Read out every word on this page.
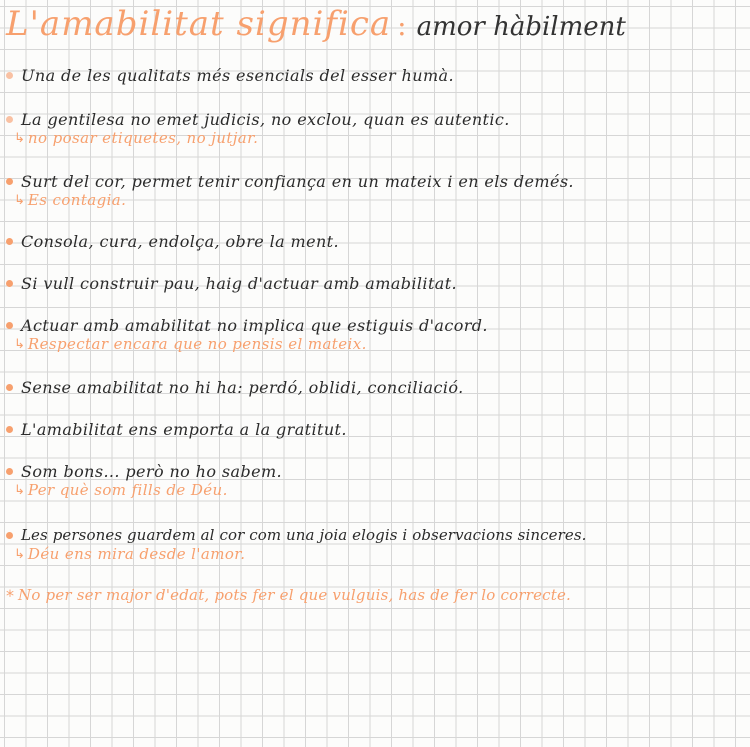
L'amabilitat significa : amor hàbilment
Una de les qualitats més esencials del esser humà.
La gentilesa no emet judicis, no exclou, quan es autentic.
↳ no posar etiquetes, no jutjar.
Surt del cor, permet tenir confiança en un mateix i en els demés.
↳ Es contagia.
Consola, cura, endolça, obre la ment.
Si vull construir pau, haig d'actuar amb amabilitat.
Actuar amb amabilitat no implica que estiguis d'acord.
↳ Respectar encara que no pensis el mateix.
Sense amabilitat no hi ha: perdó, oblidi, conciliació.
L'amabilitat ens emporta a la gratitut.
Som bons... però no ho sabem.
↳ Per què som fills de Déu.
Les persones guardem al cor com una joia elogis i observacions sinceres.
↳ Déu ens mira desde l'amor.
* No per ser major d'edat, pots fer el que vulguis, has de fer lo correcte.
